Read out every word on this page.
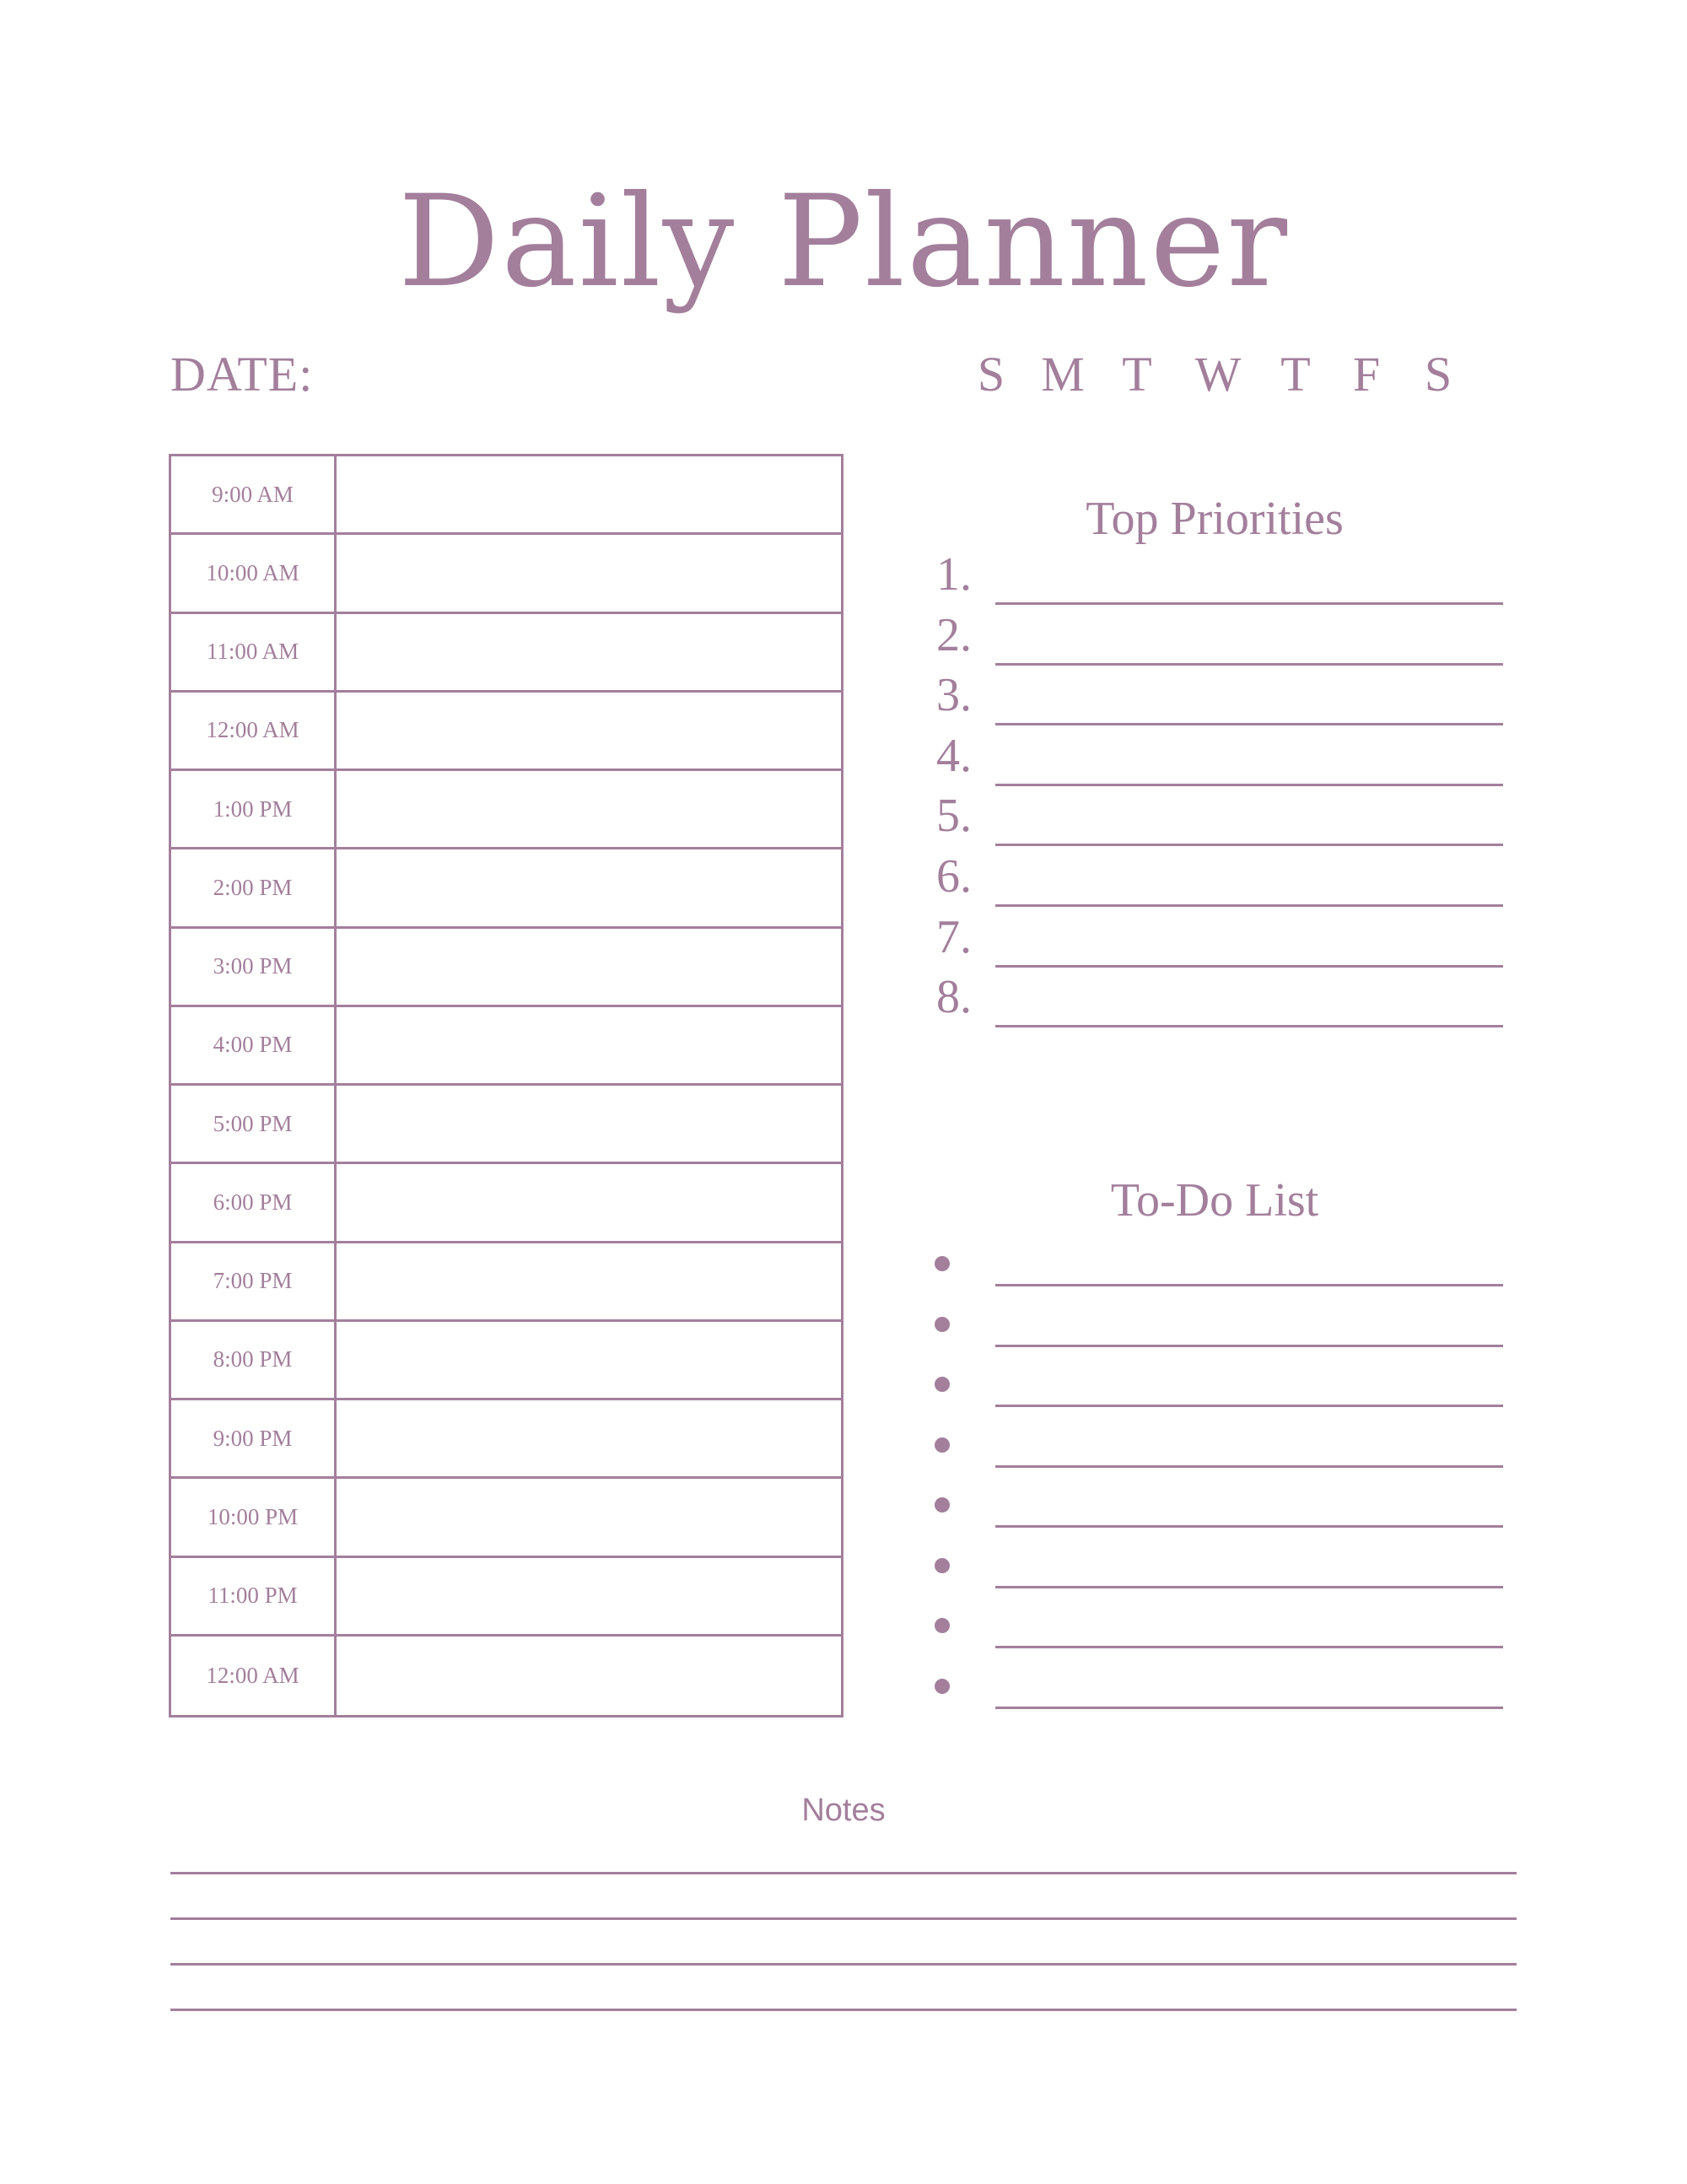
Daily Planner
DATE:	S M T W T F S
9:00 AM
10:00 AM
11:00 AM
12:00 AM
1:00 PM
2:00 PM
3:00 PM
4:00 PM
5:00 PM
6:00 PM
7:00 PM
8:00 PM
9:00 PM
10:00 PM
11:00 PM
12:00 AM
Top Priorities
1.
2.
3.
4.
5.
6.
7.
8.
To-Do List
Notes
